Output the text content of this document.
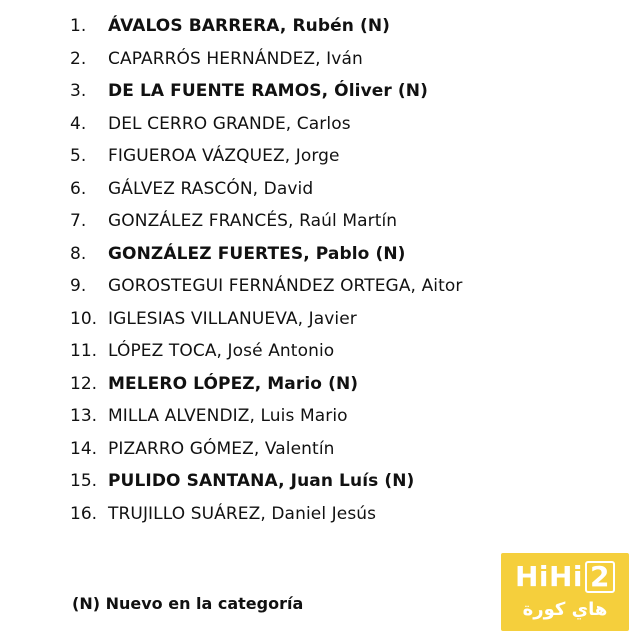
1. ÁVALOS BARRERA, Rubén (N)
2. CAPARRÓS HERNÁNDEZ, Iván
3. DE LA FUENTE RAMOS, Óliver (N)
4. DEL CERRO GRANDE, Carlos
5. FIGUEROA VÁZQUEZ, Jorge
6. GÁLVEZ RASCÓN, David
7. GONZÁLEZ FRANCÉS, Raúl Martín
8. GONZÁLEZ FUERTES, Pablo (N)
9. GOROSTEGUI FERNÁNDEZ ORTEGA, Aitor
10. IGLESIAS VILLANUEVA, Javier
11. LÓPEZ TOCA, José Antonio
12. MELERO LÓPEZ, Mario (N)
13. MILLA ALVENDIZ, Luis Mario
14. PIZARRO GÓMEZ, Valentín
15. PULIDO SANTANA, Juan Luís (N)
16. TRUJILLO SUÁREZ, Daniel Jesús
(N) Nuevo en la categoría
HiHi 2
هاي كورة
